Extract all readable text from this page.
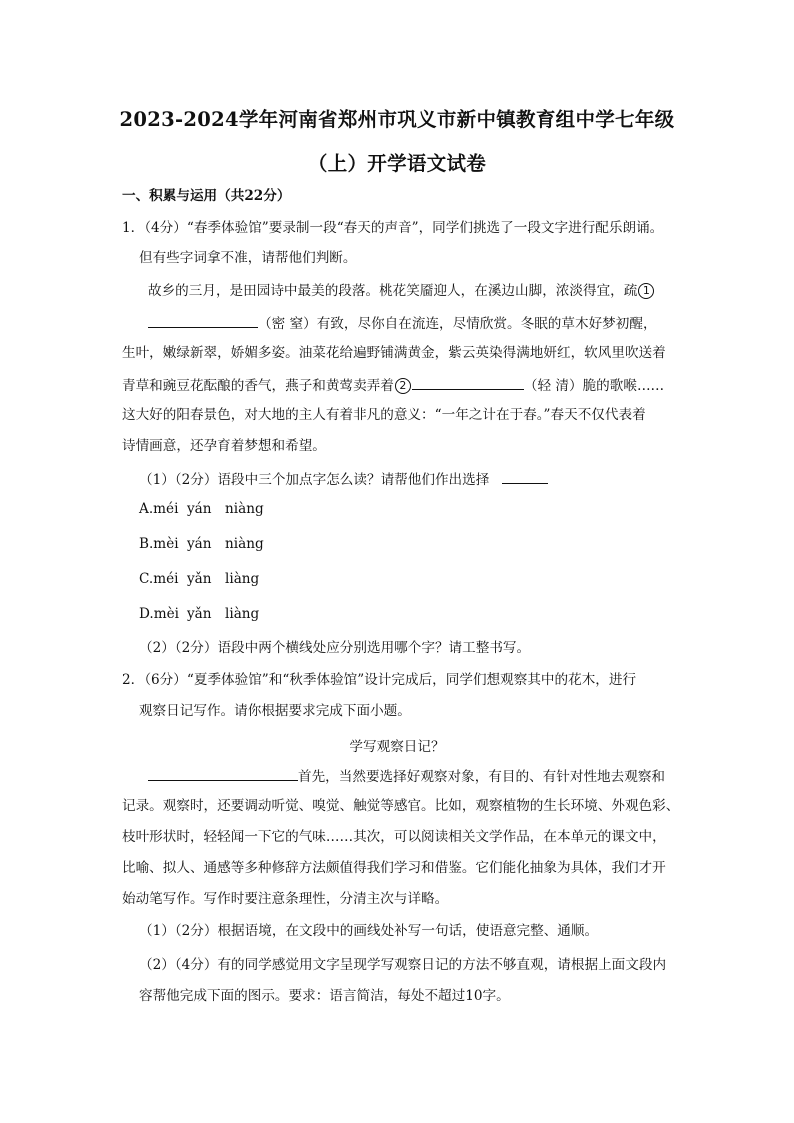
2023-2024学年河南省郑州市巩义市新中镇教育组中学七年级
（上）开学语文试卷
一、积累与运用（共22分）
1．（4分）“春季体验馆”要录制一段“春天的声音”，同学们挑选了一段文字进行配乐朗诵。
但有些字词拿不准，请帮他们判断。
故乡的三月，是田园诗中最美的段落。桃花笑靥迎人，在溪边山脚，浓淡得宜，疏 1
（密 窒）有致，尽你自在流连，尽情欣赏。冬眠的草木好梦初醒，
生叶，嫩绿新翠，娇媚多姿。油菜花给遍野铺满黄金，紫云英染得满地妍红，软风里吹送着
青草和豌豆花酝酿的香气，燕子和黄莺卖弄着 2	（轻 清）脆的歌喉……
这大好的阳春景色，对大地的主人有着非凡的意义：“一年之计在于春。”春天不仅代表着
诗情画意，还孕育着梦想和希望。
（1）（2分）语段中三个加点字怎么读？请帮他们作出选择
A.méi yán niàng
B.mèi yán niàng
C.méi yǎn liàng
D.mèi yǎn liàng
（2）（2分）语段中两个横线处应分别选用哪个字？请工整书写。
2．（6分）“夏季体验馆”和“秋季体验馆”设计完成后，同学们想观察其中的花木，进行
观察日记写作。请你根据要求完成下面小题。
学写观察日记？
首先，当然要选择好观察对象，有目的、有针对性地去观察和
记录。观察时，还要调动听觉、嗅觉、触觉等感官。比如，观察植物的生长环境、外观色彩、
枝叶形状时，轻轻闻一下它的气味……其次，可以阅读相关文学作品，在本单元的课文中，
比喻、拟人、通感等多种修辞方法颇值得我们学习和借鉴。它们能化抽象为具体，我们才开
始动笔写作。写作时要注意条理性，分清主次与详略。
（1）（2分）根据语境，在文段中的画线处补写一句话，使语意完整、通顺。
（2）（4分）有的同学感觉用文字呈现学写观察日记的方法不够直观，请根据上面文段内
容帮他完成下面的图示。要求：语言简洁，每处不超过10字。
